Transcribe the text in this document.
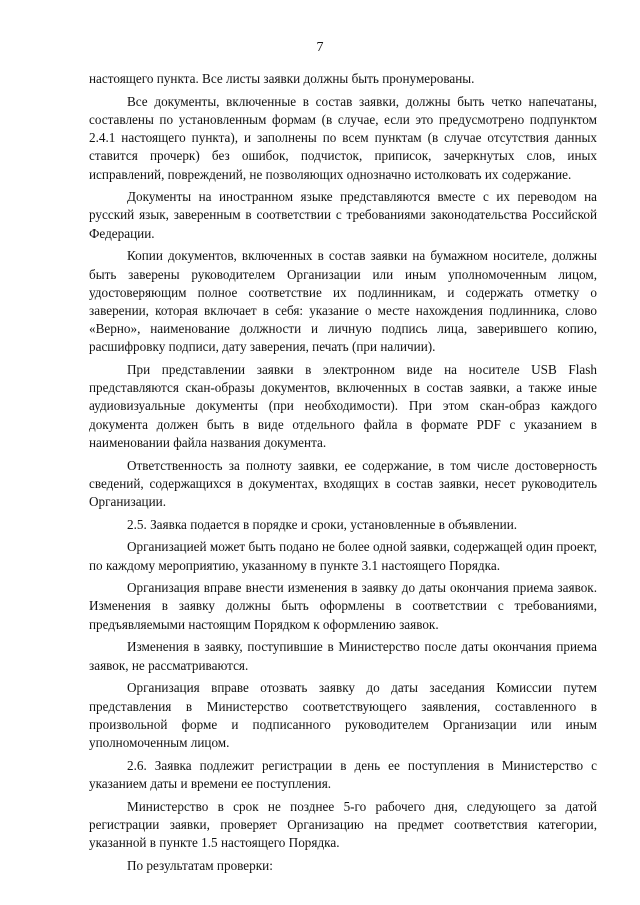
7

настоящего пункта. Все листы заявки должны быть пронумерованы.

Все документы, включенные в состав заявки, должны быть четко напечатаны, составлены по установленным формам (в случае, если это предусмотрено подпунктом 2.4.1 настоящего пункта), и заполнены по всем пунктам (в случае отсутствия данных ставится прочерк) без ошибок, подчисток, приписок, зачеркнутых слов, иных исправлений, повреждений, не позволяющих однозначно истолковать их содержание.

Документы на иностранном языке представляются вместе с их переводом на русский язык, заверенным в соответствии с требованиями законодательства Российской Федерации.

Копии документов, включенных в состав заявки на бумажном носителе, должны быть заверены руководителем Организации или иным уполномоченным лицом, удостоверяющим полное соответствие их подлинникам, и содержать отметку о заверении, которая включает в себя: указание о месте нахождения подлинника, слово «Верно», наименование должности и личную подпись лица, заверившего копию, расшифровку подписи, дату заверения, печать (при наличии).

При представлении заявки в электронном виде на носителе USB Flash представляются скан-образы документов, включенных в состав заявки, а также иные аудиовизуальные документы (при необходимости). При этом скан-образ каждого документа должен быть в виде отдельного файла в формате PDF с указанием в наименовании файла названия документа.

Ответственность за полноту заявки, ее содержание, в том числе достоверность сведений, содержащихся в документах, входящих в состав заявки, несет руководитель Организации.

2.5. Заявка подается в порядке и сроки, установленные в объявлении.

Организацией может быть подано не более одной заявки, содержащей один проект, по каждому мероприятию, указанному в пункте 3.1 настоящего Порядка.

Организация вправе внести изменения в заявку до даты окончания приема заявок. Изменения в заявку должны быть оформлены в соответствии с требованиями, предъявляемыми настоящим Порядком к оформлению заявок.

Изменения в заявку, поступившие в Министерство после даты окончания приема заявок, не рассматриваются.

Организация вправе отозвать заявку до даты заседания Комиссии путем представления в Министерство соответствующего заявления, составленного в произвольной форме и подписанного руководителем Организации или иным уполномоченным лицом.

2.6. Заявка подлежит регистрации в день ее поступления в Министерство с указанием даты и времени ее поступления.

Министерство в срок не позднее 5-го рабочего дня, следующего за датой регистрации заявки, проверяет Организацию на предмет соответствия категории, указанной в пункте 1.5 настоящего Порядка.

По результатам проверки:
